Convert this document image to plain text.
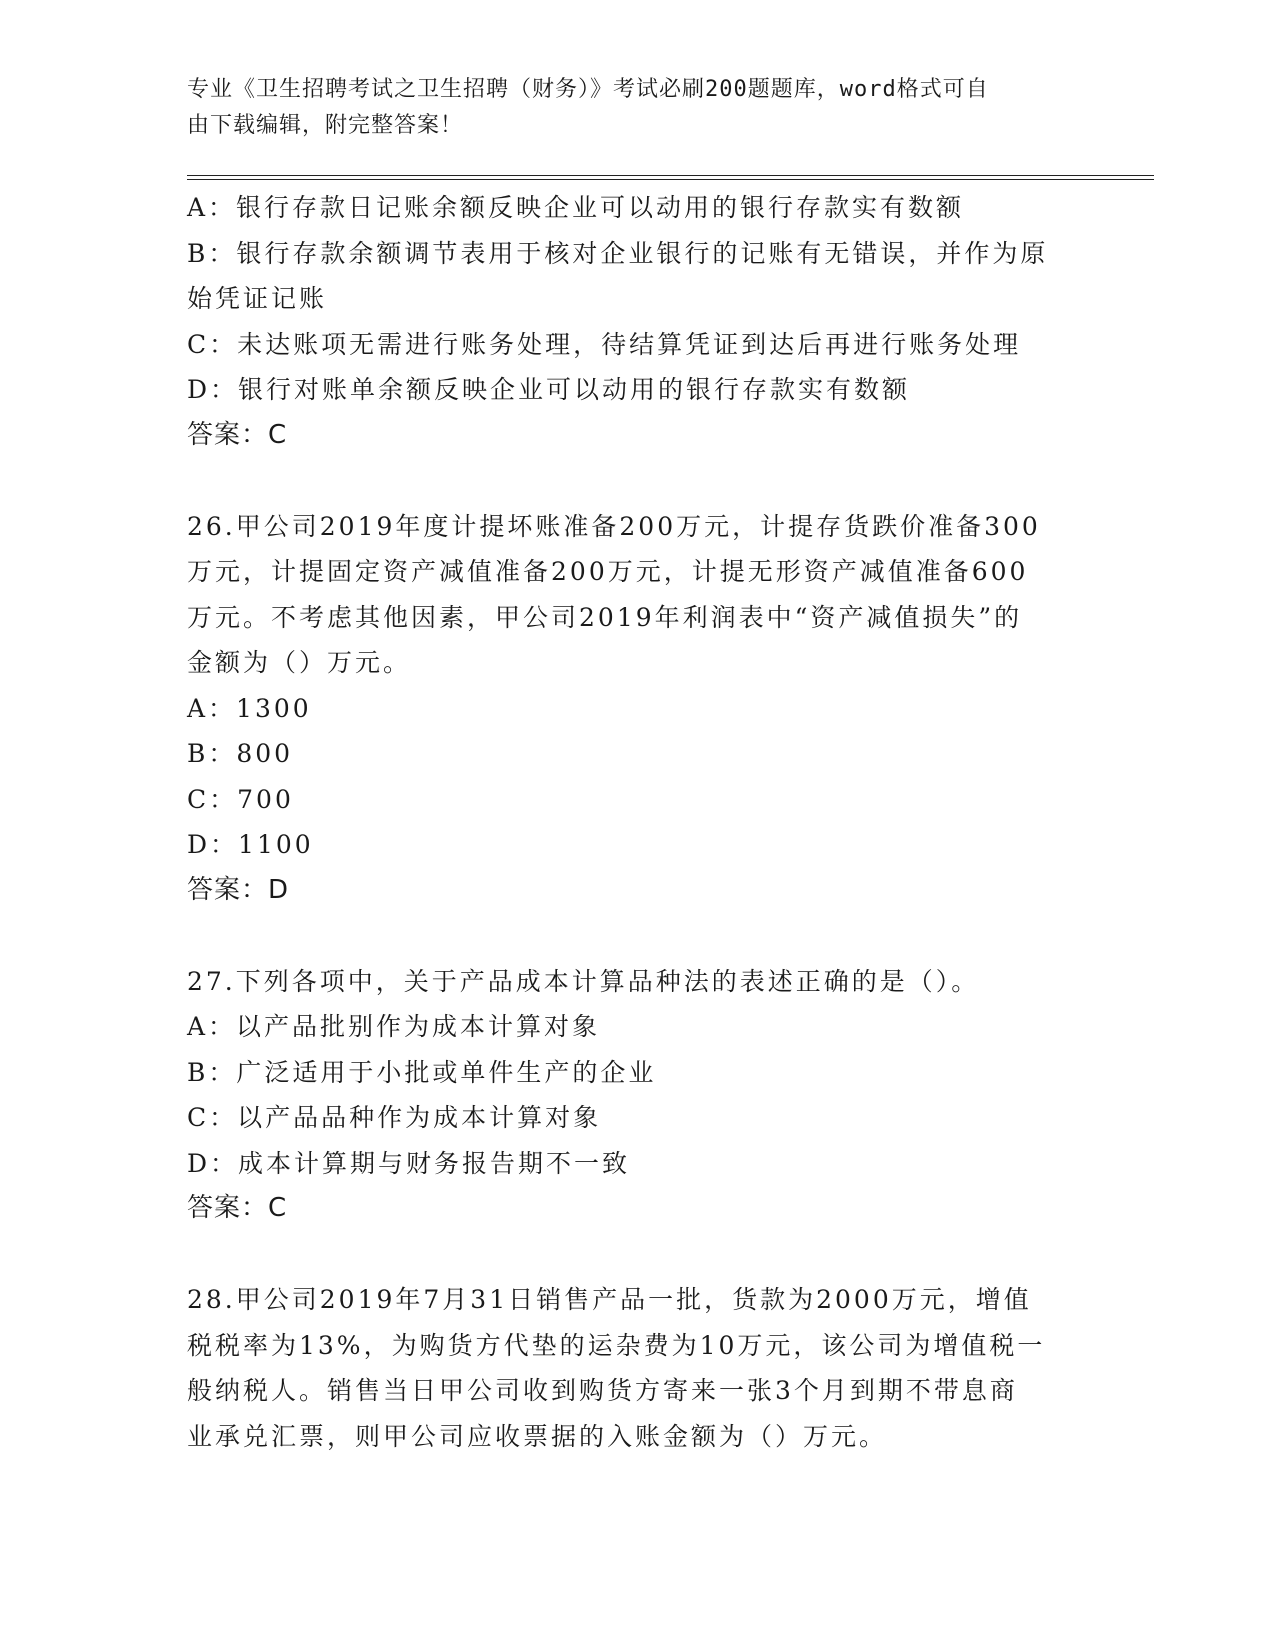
专业《卫生招聘考试之卫生招聘（财务）》考试必刷200题题库，word格式可自
由下载编辑，附完整答案！
A：银行存款日记账余额反映企业可以动用的银行存款实有数额
B：银行存款余额调节表用于核对企业银行的记账有无错误，并作为原
始凭证记账
C：未达账项无需进行账务处理，待结算凭证到达后再进行账务处理
D：银行对账单余额反映企业可以动用的银行存款实有数额
答案：C
26.甲公司2019年度计提坏账准备200万元，计提存货跌价准备300
万元，计提固定资产减值准备200万元，计提无形资产减值准备600
万元。不考虑其他因素，甲公司2019年利润表中“资产减值损失”的
金额为（）万元。
A：1300
B：800
C：700
D：1100
答案：D
27.下列各项中，关于产品成本计算品种法的表述正确的是（）。
A：以产品批别作为成本计算对象
B：广泛适用于小批或单件生产的企业
C：以产品品种作为成本计算对象
D：成本计算期与财务报告期不一致
答案：C
28.甲公司2019年7月31日销售产品一批，货款为2000万元，增值
税税率为13%，为购货方代垫的运杂费为10万元，该公司为增值税一
般纳税人。销售当日甲公司收到购货方寄来一张3个月到期不带息商
业承兑汇票，则甲公司应收票据的入账金额为（）万元。
